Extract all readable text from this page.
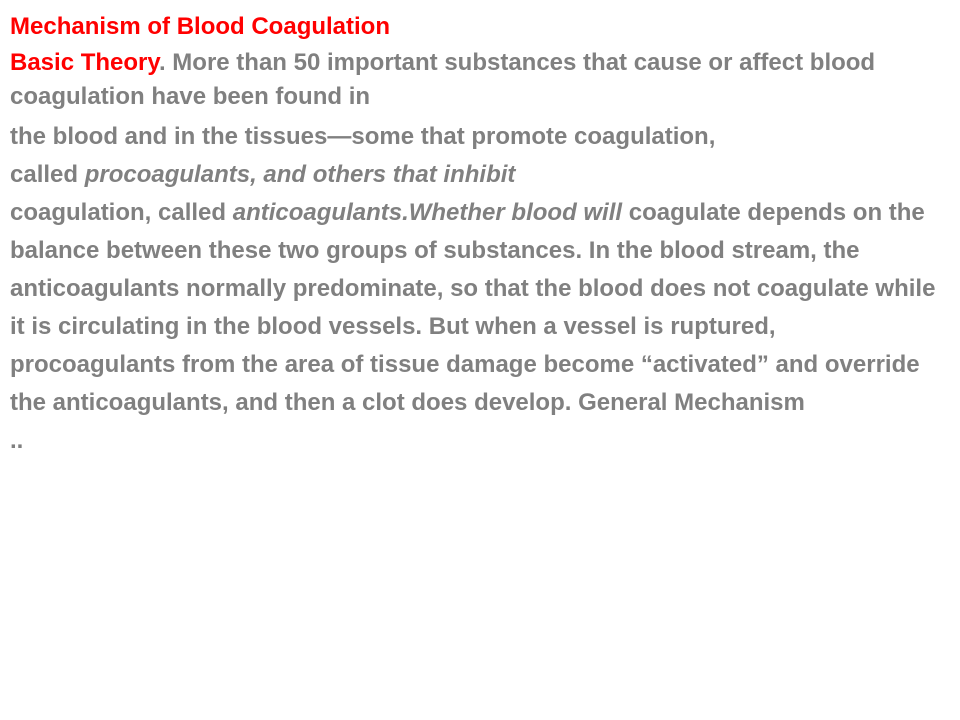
Mechanism of Blood Coagulation

Basic Theory. More than 50 important substances that cause or affect blood coagulation have been found in

the blood and in the tissues—some that promote coagulation,

called procoagulants, and others that inhibit

coagulation, called anticoagulants.Whether blood will coagulate depends on the balance between these two groups of substances. In the blood stream, the anticoagulants normally predominate, so that the blood does not coagulate while it is circulating in the blood vessels. But when a vessel is ruptured, procoagulants from the area of tissue damage become “activated” and override the anticoagulants, and then a clot does develop. General Mechanism

..
